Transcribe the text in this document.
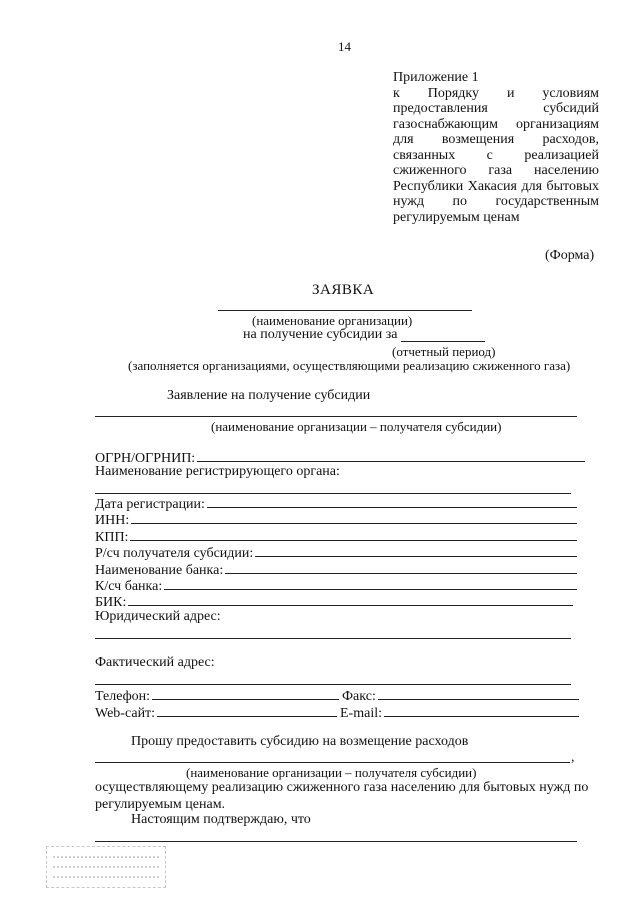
14
Приложение 1
к Порядку и условиям
предоставления субсидий
газоснабжающим организациям
для возмещения расходов,
связанных с реализацией
сжиженного газа населению
Республики Хакасия для бытовых
нужд по государственным
регулируемым ценам
(Форма)
ЗАЯВКА
(наименование организации)
на получение субсидии за
(отчетный период)
(заполняется организациями, осуществляющими реализацию сжиженного газа)
Заявление на получение субсидии
(наименование организации – получателя субсидии)
ОГРН/ОГРНИП:
Наименование регистрирующего органа:
Дата регистрации:
ИНН:
КПП:
Р/сч получателя субсидии:
Наименование банка:
К/сч банка:
БИК:
Юридический адрес:
Фактический адрес:
Телефон:	Факс:
Web-сайт:	E-mail:
Прошу предоставить субсидию на возмещение расходов
,
(наименование организации – получателя субсидии)
осуществляющему реализацию сжиженного газа населению для бытовых нужд по регулируемым ценам.
Настоящим подтверждаю, что
